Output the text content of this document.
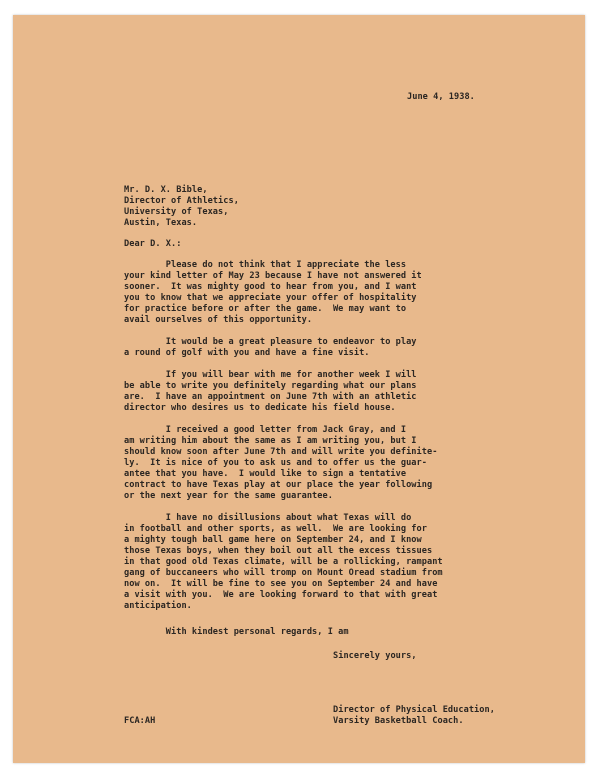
June 4, 1938.
Mr. D. X. Bible,
Director of Athletics,
University of Texas,
Austin, Texas.
Dear D. X.:
Please do not think that I appreciate the less
your kind letter of May 23 because I have not answered it
sooner.  It was mighty good to hear from you, and I want
you to know that we appreciate your offer of hospitality
for practice before or after the game.  We may want to
avail ourselves of this opportunity.
It would be a great pleasure to endeavor to play
a round of golf with you and have a fine visit.
If you will bear with me for another week I will
be able to write you definitely regarding what our plans
are.  I have an appointment on June 7th with an athletic
director who desires us to dedicate his field house.
I received a good letter from Jack Gray, and I
am writing him about the same as I am writing you, but I
should know soon after June 7th and will write you definite-
ly.  It is nice of you to ask us and to offer us the guar-
antee that you have.  I would like to sign a tentative
contract to have Texas play at our place the year following
or the next year for the same guarantee.
I have no disillusions about what Texas will do
in football and other sports, as well.  We are looking for
a mighty tough ball game here on September 24, and I know
those Texas boys, when they boil out all the excess tissues
in that good old Texas climate, will be a rollicking, rampant
gang of buccaneers who will tromp on Mount Oread stadium from
now on.  It will be fine to see you on September 24 and have
a visit with you.  We are looking forward to that with great
anticipation.
With kindest personal regards, I am
Sincerely yours,
Director of Physical Education,
Varsity Basketball Coach.
FCA:AH
